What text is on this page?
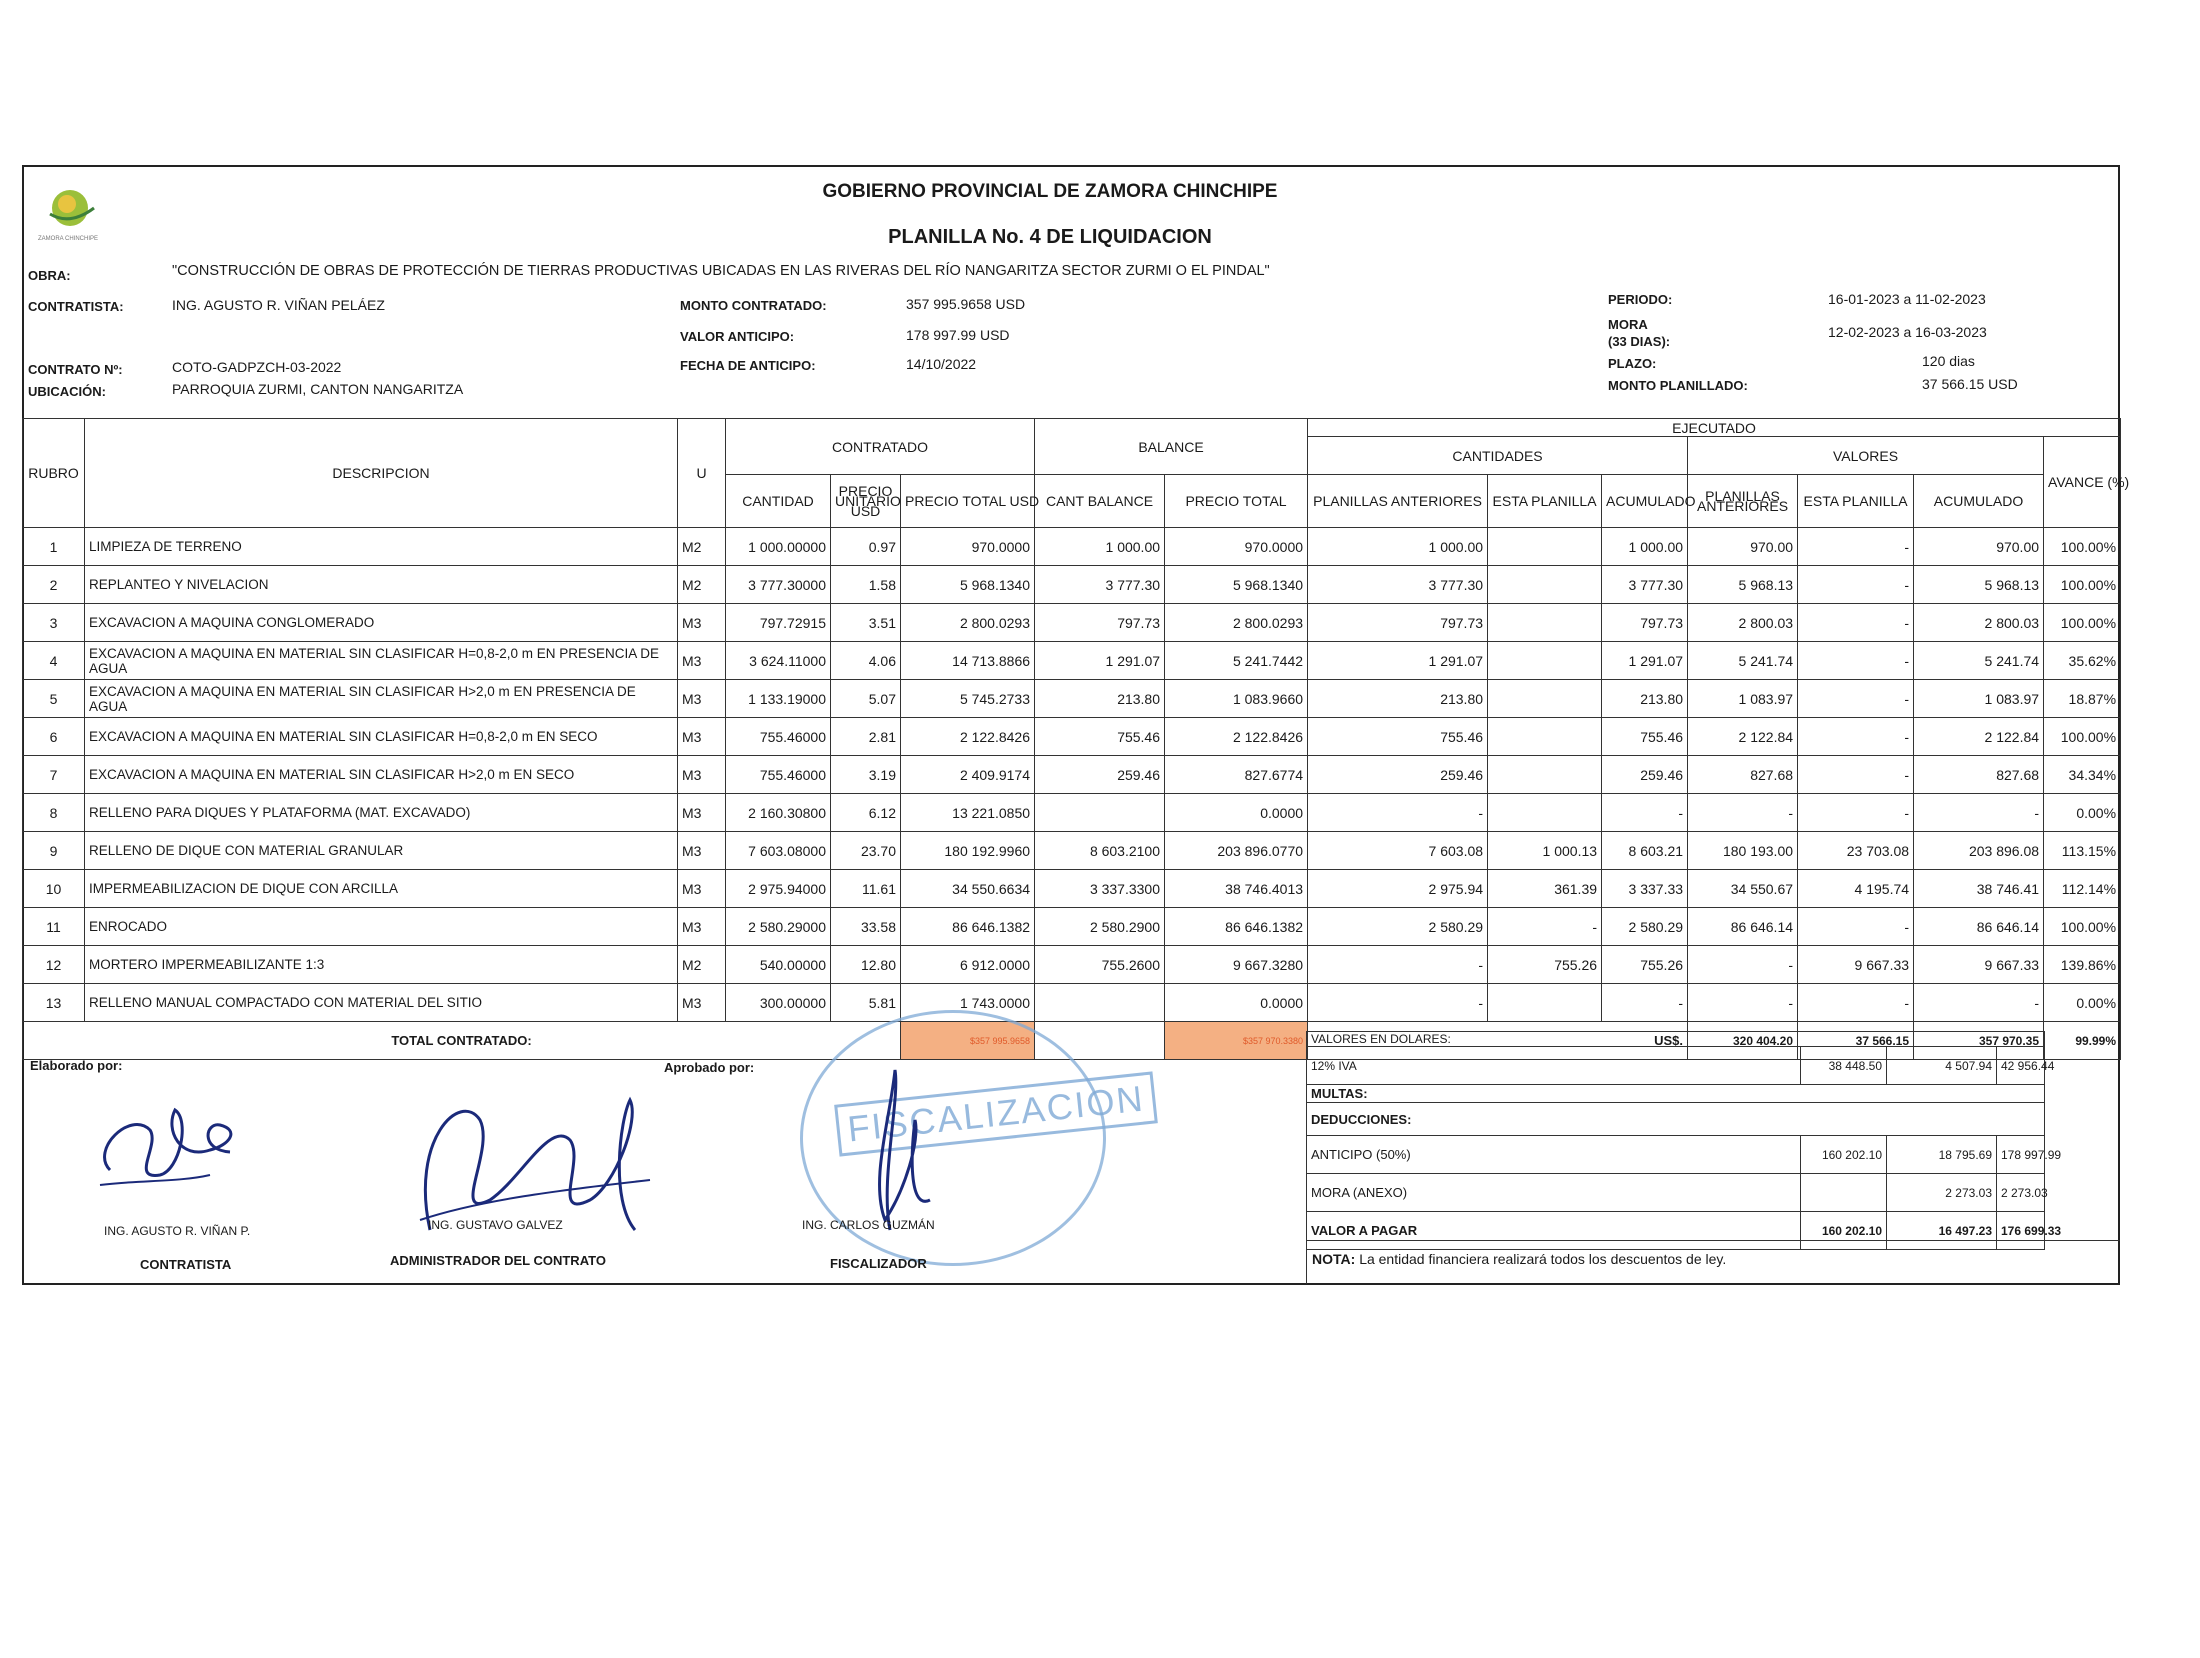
ZAMORA CHINCHIPE
GOBIERNO PROVINCIAL DE ZAMORA CHINCHIPE
PLANILLA No. 4 DE LIQUIDACION
OBRA:	"CONSTRUCCIÓN DE OBRAS DE PROTECCIÓN DE TIERRAS PRODUCTIVAS UBICADAS EN LAS RIVERAS DEL RÍO NANGARITZA SECTOR ZURMI O EL PINDAL"
CONTRATISTA:	ING. AGUSTO R. VIÑAN PELÁEZ
CONTRATO Nº:	COTO-GADPZCH-03-2022
UBICACIÓN:	PARROQUIA ZURMI, CANTON NANGARITZA
MONTO CONTRATADO:	357 995.9658 USD
VALOR ANTICIPO:	178 997.99 USD
FECHA DE ANTICIPO:	14/10/2022
PERIODO:	16-01-2023 a 11-02-2023
MORA
(33 DIAS):
12-02-2023 a 16-03-2023
PLAZO:	120 dias
MONTO PLANILLADO:	37 566.15 USD
RUBRO	DESCRIPCION	U	CONTRATADO			BALANCE		EJECUTADO						
								CANTIDADES			VALORES			AVANCE (%)
			CANTIDAD	PRECIO UNITARIO USD	PRECIO TOTAL USD	CANT BALANCE	PRECIO TOTAL	PLANILLAS ANTERIORES	ESTA PLANILLA	ACUMULADO	PLANILLAS ANTERIORES	ESTA PLANILLA	ACUMULADO	
1	LIMPIEZA DE TERRENO	M2	1 000.00000	0.97	970.0000	1 000.00	970.0000	1 000.00		1 000.00	970.00	-	970.00	100.00%
2	REPLANTEO Y NIVELACION	M2	3 777.30000	1.58	5 968.1340	3 777.30	5 968.1340	3 777.30		3 777.30	5 968.13	-	5 968.13	100.00%
3	EXCAVACION A MAQUINA CONGLOMERADO	M3	797.72915	3.51	2 800.0293	797.73	2 800.0293	797.73		797.73	2 800.03	-	2 800.03	100.00%
4	EXCAVACION A MAQUINA EN MATERIAL SIN CLASIFICAR H=0,8-2,0 m EN PRESENCIA DE AGUA	M3	3 624.11000	4.06	14 713.8866	1 291.07	5 241.7442	1 291.07		1 291.07	5 241.74	-	5 241.74	35.62%
5	EXCAVACION A MAQUINA EN MATERIAL SIN CLASIFICAR H>2,0 m EN PRESENCIA DE AGUA	M3	1 133.19000	5.07	5 745.2733	213.80	1 083.9660	213.80		213.80	1 083.97	-	1 083.97	18.87%
6	EXCAVACION A MAQUINA EN MATERIAL SIN CLASIFICAR H=0,8-2,0 m EN SECO	M3	755.46000	2.81	2 122.8426	755.46	2 122.8426	755.46		755.46	2 122.84	-	2 122.84	100.00%
7	EXCAVACION A MAQUINA EN MATERIAL SIN CLASIFICAR H>2,0 m EN SECO	M3	755.46000	3.19	2 409.9174	259.46	827.6774	259.46		259.46	827.68	-	827.68	34.34%
8	RELLENO PARA DIQUES Y PLATAFORMA (MAT. EXCAVADO)	M3	2 160.30800	6.12	13 221.0850		0.0000	-		-	-	-	-	0.00%
9	RELLENO DE DIQUE CON MATERIAL GRANULAR	M3	7 603.08000	23.70	180 192.9960	8 603.2100	203 896.0770	7 603.08	1 000.13	8 603.21	180 193.00	23 703.08	203 896.08	113.15%
10	IMPERMEABILIZACION DE DIQUE CON ARCILLA	M3	2 975.94000	11.61	34 550.6634	3 337.3300	38 746.4013	2 975.94	361.39	3 337.33	34 550.67	4 195.74	38 746.41	112.14%
11	ENROCADO	M3	2 580.29000	33.58	86 646.1382	2 580.2900	86 646.1382	2 580.29	-	2 580.29	86 646.14	-	86 646.14	100.00%
12	MORTERO IMPERMEABILIZANTE 1:3	M2	540.00000	12.80	6 912.0000	755.2600	9 667.3280	-	755.26	755.26	-	9 667.33	9 667.33	139.86%
13	RELLENO MANUAL COMPACTADO CON MATERIAL DEL SITIO	M3	300.00000	5.81	1 743.0000		0.0000	-		-	-	-	-	0.00%
TOTAL CONTRATADO:					$357 995.9658		$357 970.3380	US$.			320 404.20	37 566.15	357 970.35	99.99%
VALORES EN DOLARES:			
12% IVA	38 448.50	4 507.94	42 956.44
MULTAS:			
DEDUCCIONES:			
ANTICIPO (50%)	160 202.10	18 795.69	178 997.99
MORA (ANEXO)		2 273.03	2 273.03
VALOR A PAGAR	160 202.10	16 497.23	176 699.33
NOTA: La entidad financiera realizará todos los descuentos de ley.
Elaborado por:	Aprobado por:
ING. AGUSTO R. VIÑAN P.
CONTRATISTA
ING. GUSTAVO GALVEZ
ADMINISTRADOR DEL CONTRATO
FISCALIZACION
ING. CARLOS GUZMÁN
FISCALIZADOR
